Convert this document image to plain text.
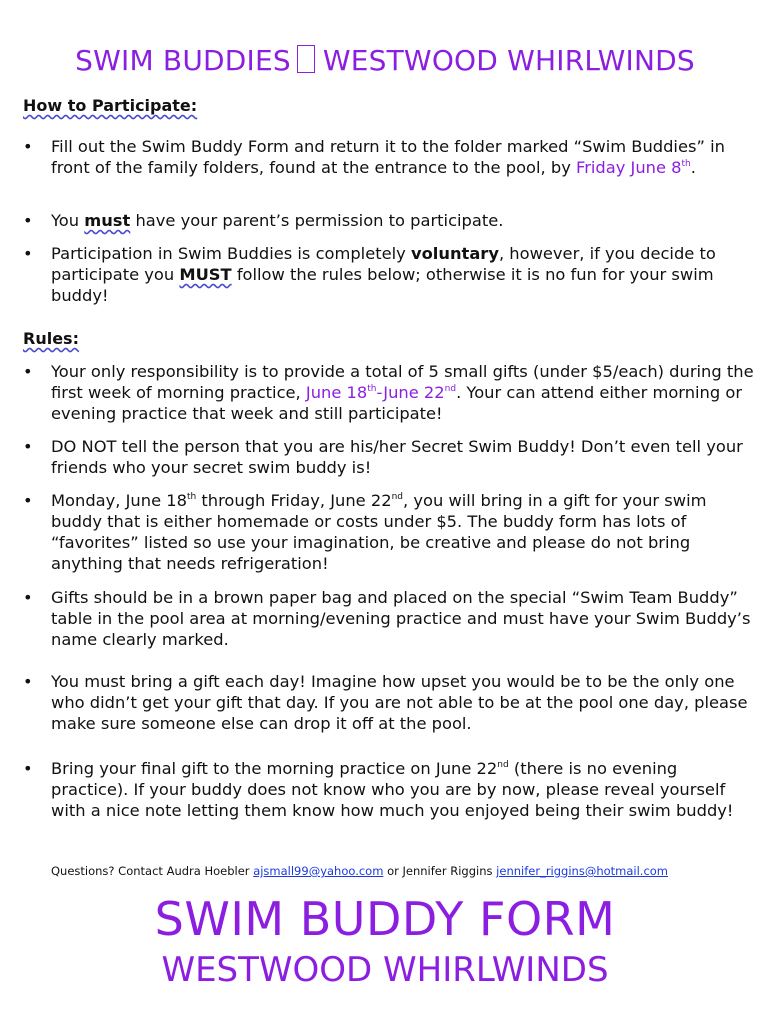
SWIM BUDDIES WESTWOOD WHIRLWINDS
How to Participate:
• Fill out the Swim Buddy Form and return it to the folder marked “Swim Buddies” in front of the family folders, found at the entrance to the pool, by Friday June 8th.
• You must have your parent’s permission to participate.
• Participation in Swim Buddies is completely voluntary, however, if you decide to participate you MUST follow the rules below; otherwise it is no fun for your swim buddy!
Rules:
• Your only responsibility is to provide a total of 5 small gifts (under $5/each) during the first week of morning practice, June 18th-June 22nd. Your can attend either morning or evening practice that week and still participate!
• DO NOT tell the person that you are his/her Secret Swim Buddy! Don’t even tell your friends who your secret swim buddy is!
• Monday, June 18th through Friday, June 22nd, you will bring in a gift for your swim buddy that is either homemade or costs under $5. The buddy form has lots of “favorites” listed so use your imagination, be creative and please do not bring anything that needs refrigeration!
• Gifts should be in a brown paper bag and placed on the special “Swim Team Buddy” table in the pool area at morning/evening practice and must have your Swim Buddy’s name clearly marked.
• You must bring a gift each day! Imagine how upset you would be to be the only one who didn’t get your gift that day. If you are not able to be at the pool one day, please make sure someone else can drop it off at the pool.
• Bring your final gift to the morning practice on June 22nd (there is no evening practice). If your buddy does not know who you are by now, please reveal yourself with a nice note letting them know how much you enjoyed being their swim buddy!
Questions? Contact Audra Hoebler ajsmall99@yahoo.com or Jennifer Riggins jennifer_riggins@hotmail.com
SWIM BUDDY FORM
WESTWOOD WHIRLWINDS
